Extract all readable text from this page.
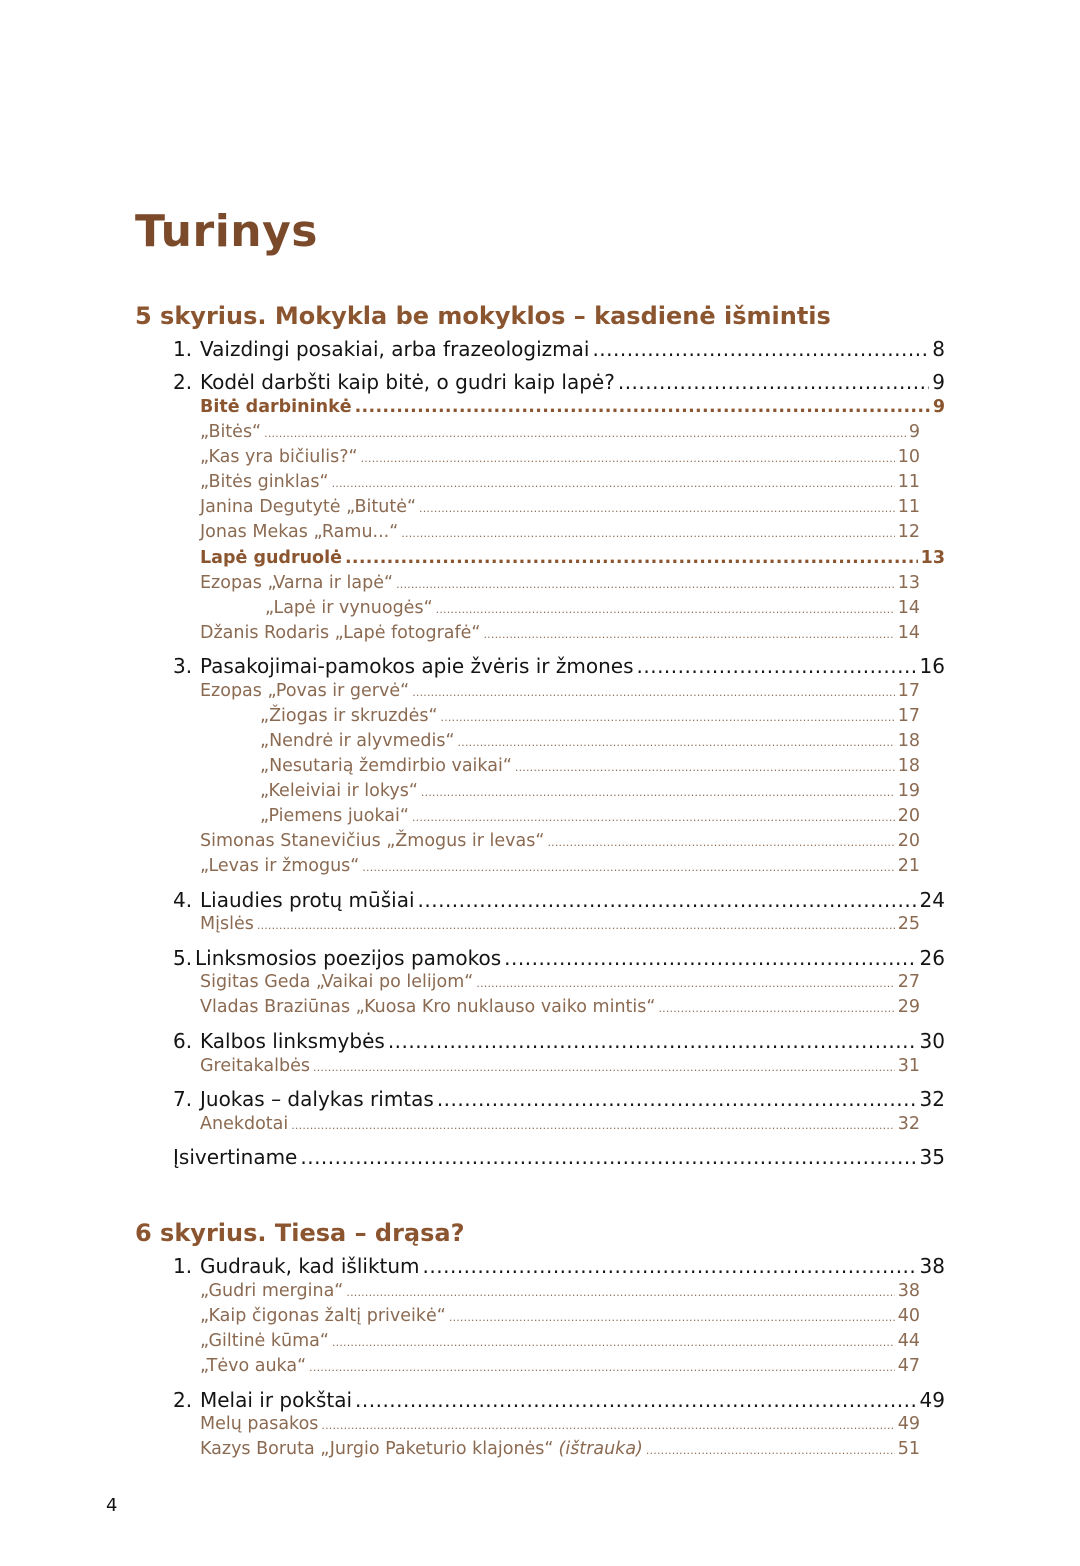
Turinys
5 skyrius. Mokykla be mokyklos – kasdienė išmintis
1. Vaizdingi posakiai, arba frazeologizmai .....	8
2. Kodėl darbšti kaip bitė, o gudri kaip lapė? .....	9
Bitė darbininkė .....	9
„Bitės“ .....	9
„Kas yra bičiulis?“ .....	10
„Bitės ginklas“ .....	11
Janina Degutytė „Bitutė“ .....	11
Jonas Mekas „Ramu...“ .....	12
Lapė gudruolė .....	13
Ezopas „Varna ir lapė“ .....	13
„Lapė ir vynuogės“ .....	14
Džanis Rodaris „Lapė fotografė“ .....	14
3. Pasakojimai-pamokos apie žvėris ir žmones .....	16
Ezopas „Povas ir gervė“ .....	17
„Žiogas ir skruzdės“ .....	17
„Nendrė ir alyvmedis“ .....	18
„Nesutarią žemdirbio vaikai“ .....	18
„Keleiviai ir lokys“ .....	19
„Piemens juokai“ .....	20
Simonas Stanevičius „Žmogus ir levas“ .....	20
„Levas ir žmogus“ .....	21
4. Liaudies protų mūšiai .....	24
Mįslės .....	25
5. Linksmosios poezijos pamokos .....	26
Sigitas Geda „Vaikai po lelijom“ .....	27
Vladas Braziūnas „Kuosa Kro nuklauso vaiko mintis“ .....	29
6. Kalbos linksmybės .....	30
Greitakalbės .....	31
7. Juokas – dalykas rimtas .....	32
Anekdotai .....	32
Įsivertiname .....	35
6 skyrius. Tiesa – drąsa?
1. Gudrauk, kad išliktum .....	38
„Gudri mergina“ .....	38
„Kaip čigonas žaltį priveikė“ .....	40
„Giltinė kūma“ .....	44
„Tėvo auka“ .....	47
2. Melai ir pokštai .....	49
Melų pasakos .....	49
Kazys Boruta „Jurgio Paketurio klajonės“ (ištrauka) .....	51
4
